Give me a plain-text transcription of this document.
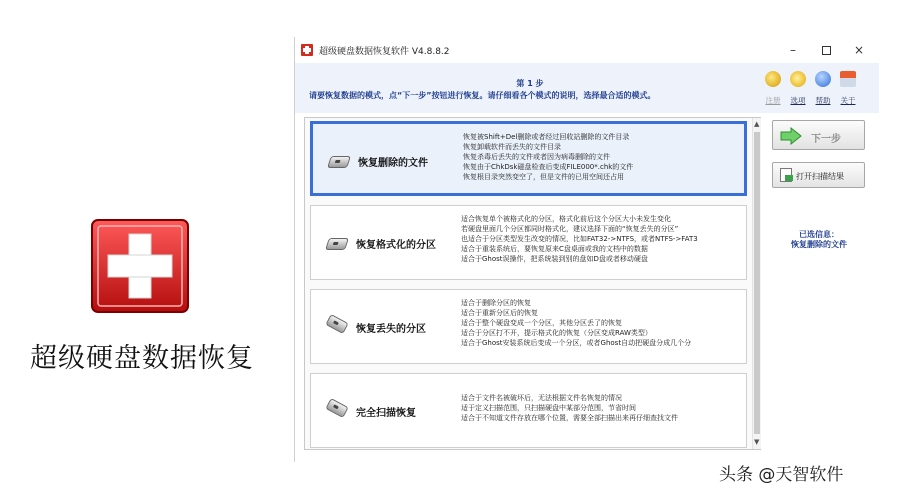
超级硬盘数据恢复
超级硬盘数据恢复软件 V4.8.8.2	–	×
第 1 步
请要恢复数据的模式，点“下一步”按钮进行恢复。请仔细看各个模式的说明，选择最合适的模式。
注册	选项	帮助	关于
恢复删除的文件
恢复被Shift+Del删除或者经过回收站删除的文件目录
恢复卸载软件而丢失的文件目录
恢复杀毒后丢失的文件或者因为病毒删除的文件
恢复由于ChkDsk磁盘检查后变成FILE000*.chk的文件
恢复根目录突然变空了，但是文件的已用空间还占用
恢复格式化的分区
适合恢复单个被格式化的分区，格式化前后这个分区大小未发生变化
若硬盘里面几个分区都同时格式化，建议选择下面的“恢复丢失的分区”
也适合于分区类型发生改变的情况，比如FAT32->NTFS，或者NTFS->FAT3
适合于重装系统后，要恢复原来C盘桌面或我的文档中的数据
适合于Ghost误操作，把系统装到别的盘如D盘或者移动硬盘
恢复丢失的分区
适合于删除分区的恢复
适合于重新分区后的恢复
适合于整个硬盘变成一个分区，其他分区丢了的恢复
适合于分区打不开，提示格式化的恢复（分区变成RAW类型）
适合于Ghost安装系统后变成一个分区，或者Ghost自动把硬盘分成几个分
完全扫描恢复
适合于文件名被破坏后，无法根据文件名恢复的情况
适于定义扫描范围，只扫描硬盘中某部分范围，节省时间
适合于不知道文件存放在哪个位置，需要全部扫描出来再仔细查找文件
▲
▼
下一步
打开扫描结果
已选信息：
恢复删除的文件
头条 @天智软件
